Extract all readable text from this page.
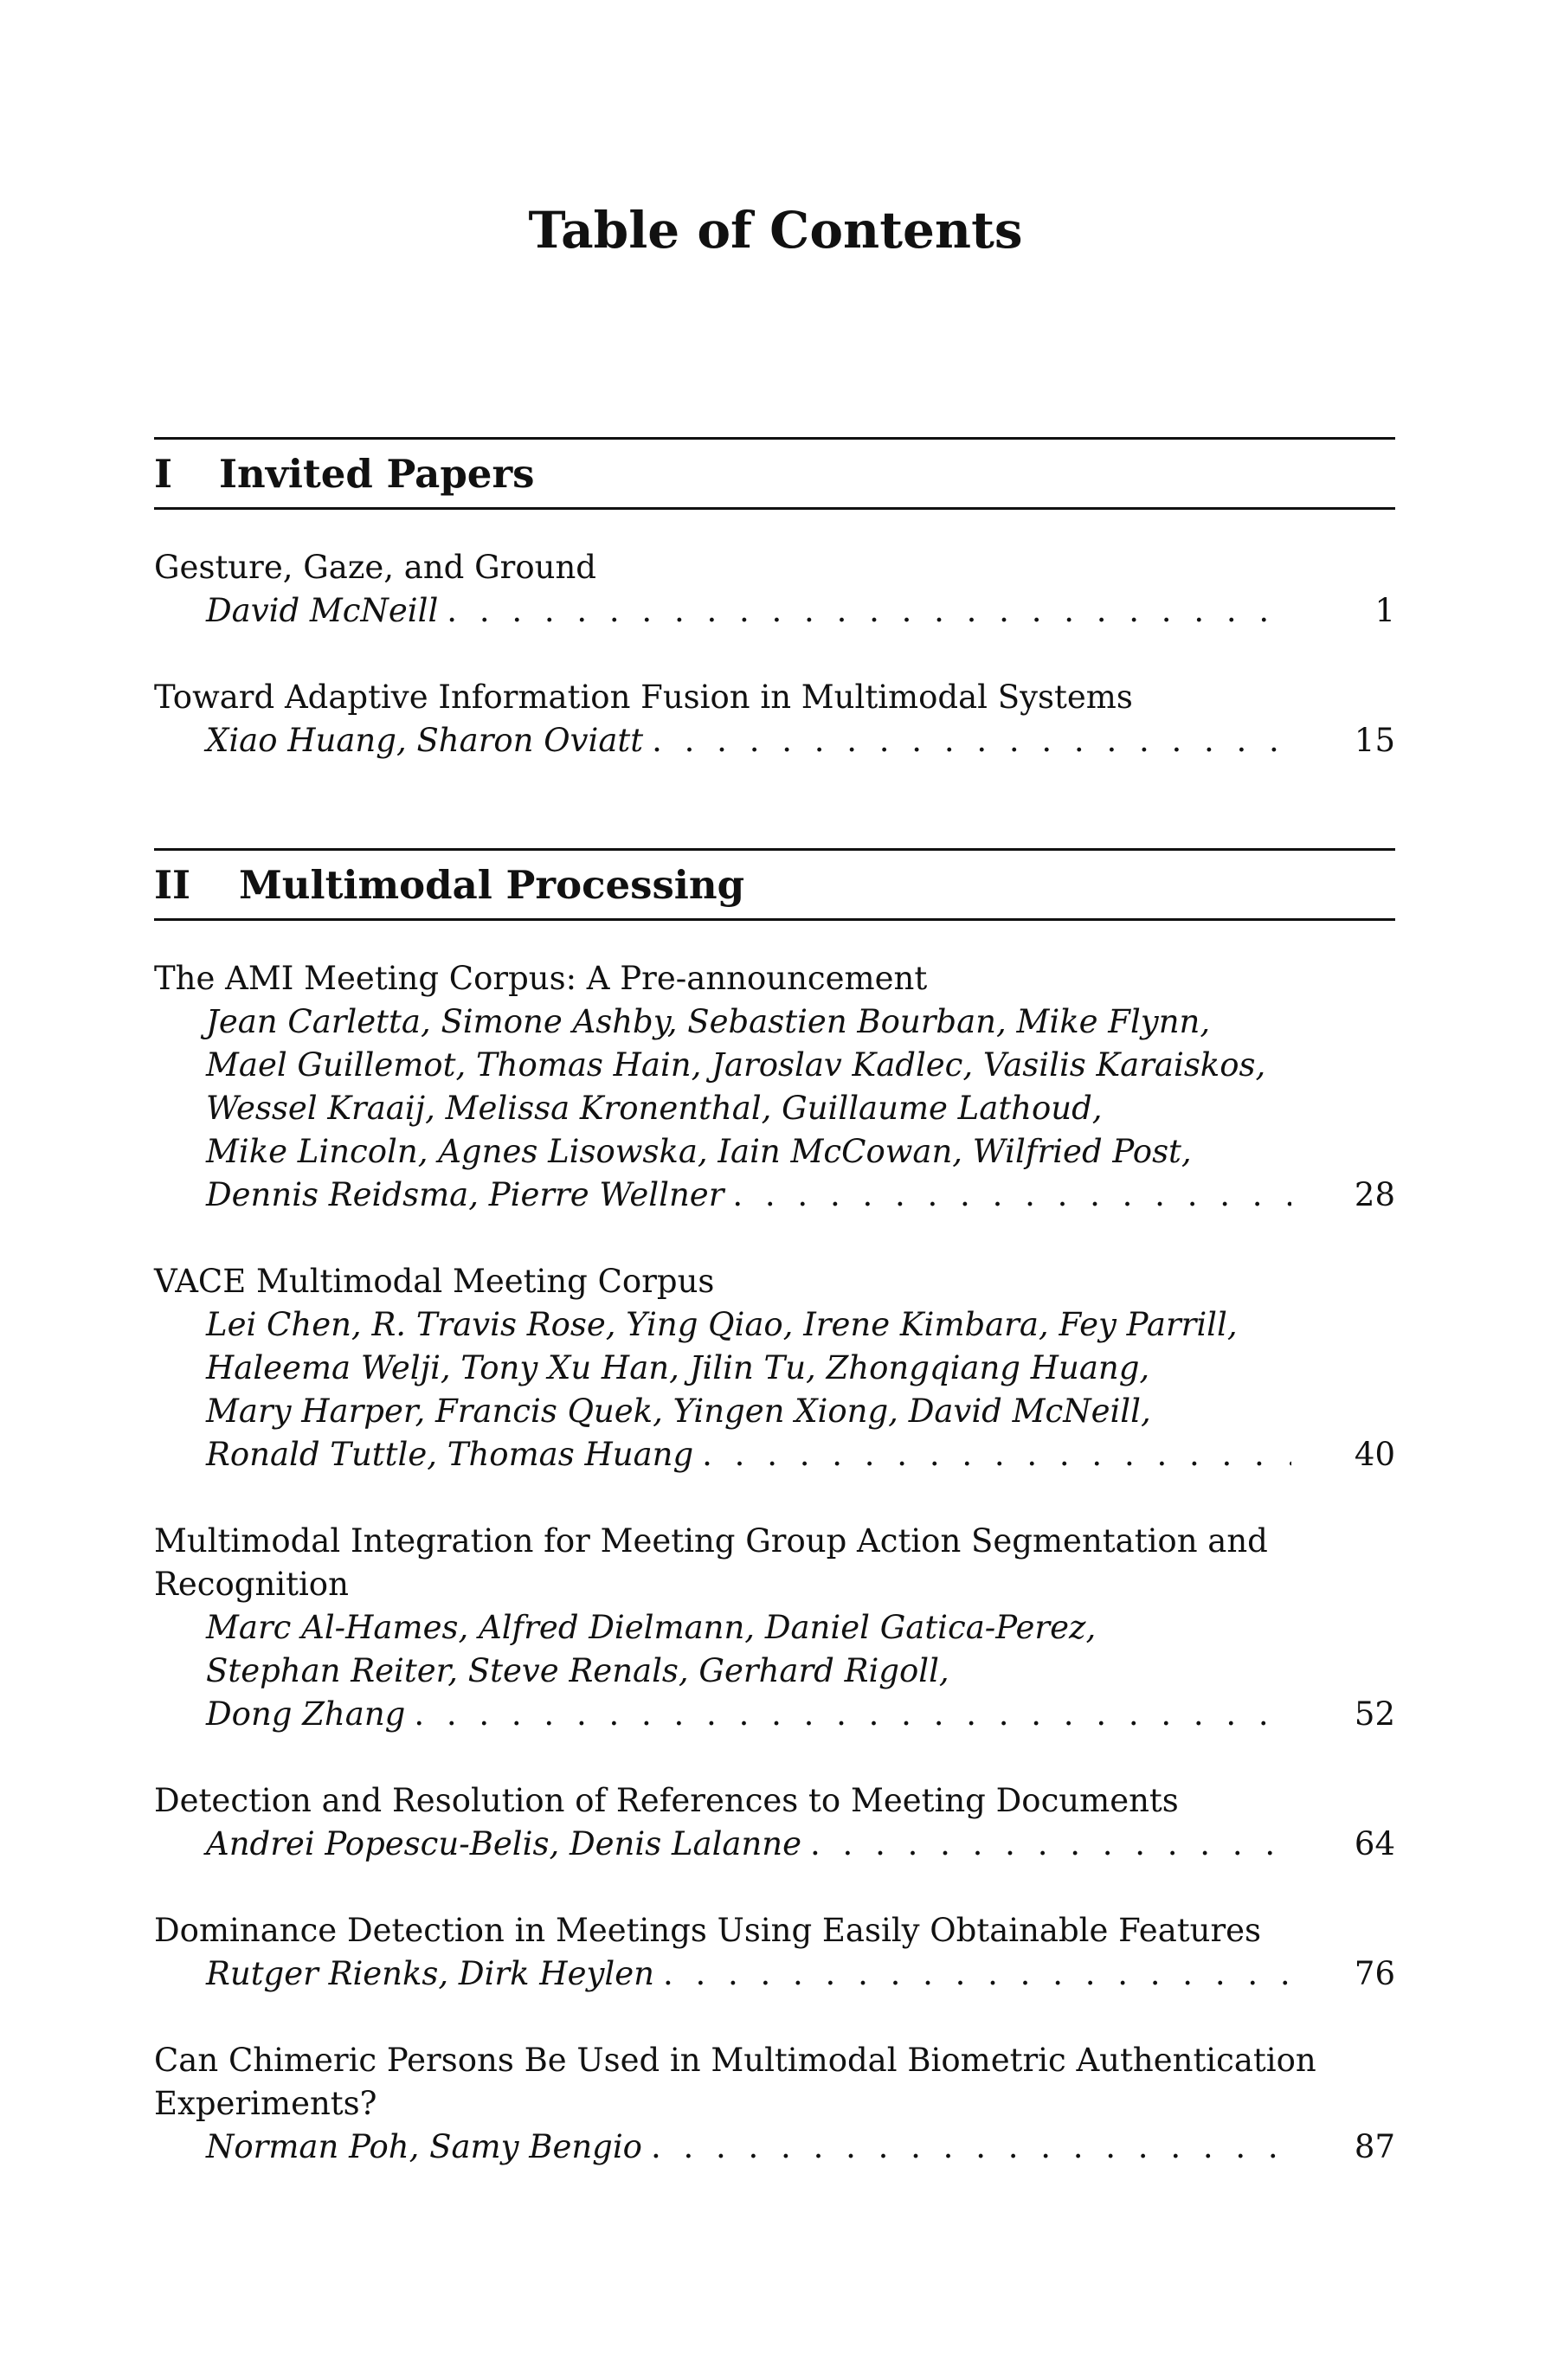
Table of Contents
I	Invited Papers
Gesture, Gaze, and Ground
David McNeill . . .	1
Toward Adaptive Information Fusion in Multimodal Systems
Xiao Huang, Sharon Oviatt . . .	15
II	Multimodal Processing
The AMI Meeting Corpus: A Pre-announcement
Jean Carletta, Simone Ashby, Sebastien Bourban, Mike Flynn,
Mael Guillemot, Thomas Hain, Jaroslav Kadlec, Vasilis Karaiskos,
Wessel Kraaij, Melissa Kronenthal, Guillaume Lathoud,
Mike Lincoln, Agnes Lisowska, Iain McCowan, Wilfried Post,
Dennis Reidsma, Pierre Wellner . . .	28
VACE Multimodal Meeting Corpus
Lei Chen, R. Travis Rose, Ying Qiao, Irene Kimbara, Fey Parrill,
Haleema Welji, Tony Xu Han, Jilin Tu, Zhongqiang Huang,
Mary Harper, Francis Quek, Yingen Xiong, David McNeill,
Ronald Tuttle, Thomas Huang . . .	40
Multimodal Integration for Meeting Group Action Segmentation and Recognition
Marc Al-Hames, Alfred Dielmann, Daniel Gatica-Perez,
Stephan Reiter, Steve Renals, Gerhard Rigoll,
Dong Zhang . . .	52
Detection and Resolution of References to Meeting Documents
Andrei Popescu-Belis, Denis Lalanne . . .	64
Dominance Detection in Meetings Using Easily Obtainable Features
Rutger Rienks, Dirk Heylen . . .	76
Can Chimeric Persons Be Used in Multimodal Biometric Authentication Experiments?
Norman Poh, Samy Bengio . . .	87
